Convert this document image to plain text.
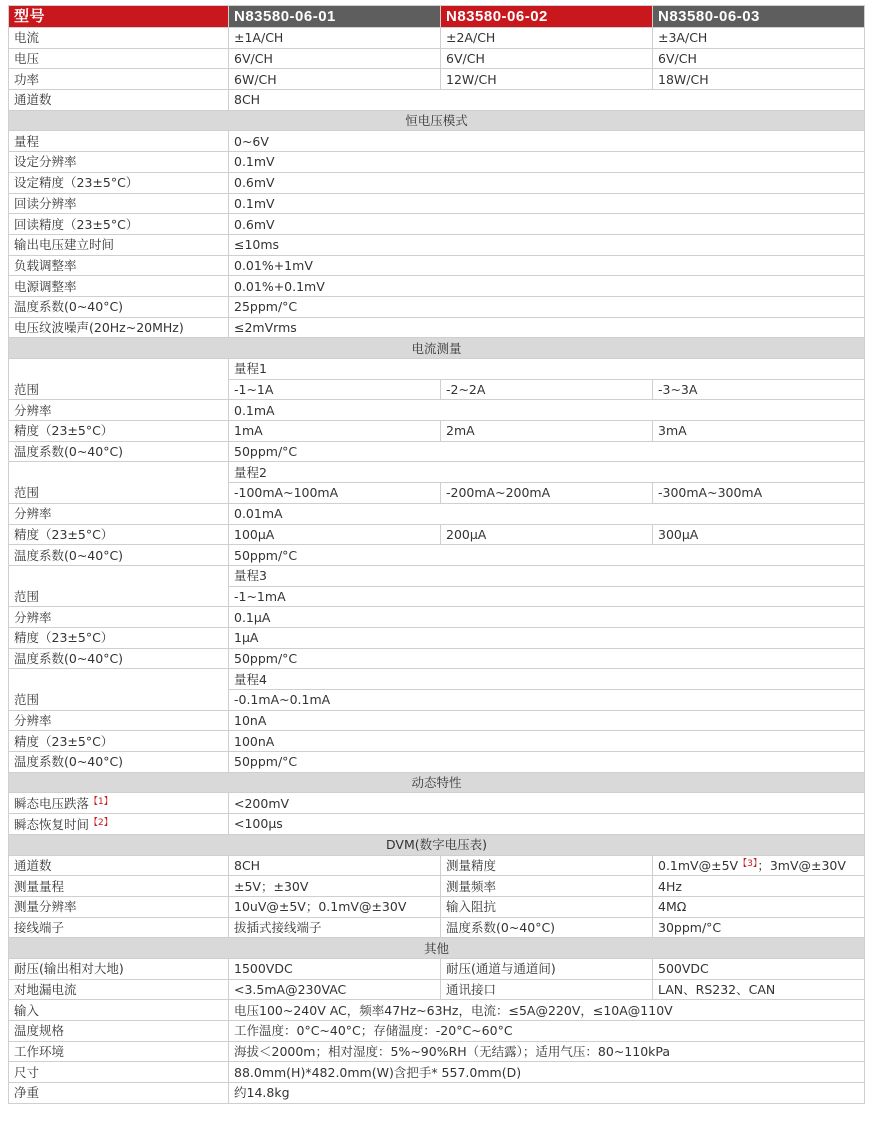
型号	N83580-06-01	N83580-06-02	N83580-06-03
电流	±1A/CH	±2A/CH	±3A/CH
电压	6V/CH	6V/CH	6V/CH
功率	6W/CH	12W/CH	18W/CH
通道数	8CH		
恒电压模式			
量程	0~6V		
设定分辨率	0.1mV		
设定精度（23±5°C）	0.6mV		
回读分辨率	0.1mV		
回读精度（23±5°C）	0.6mV		
输出电压建立时间	≤10ms		
负载调整率	0.01%+1mV		
电源调整率	0.01%+0.1mV		
温度系数(0~40°C)	25ppm/°C		
电压纹波噪声(20Hz~20MHz)	≤2mVrms		
电流测量			
	量程1		
范围	-1~1A	-2~2A	-3~3A
分辨率	0.1mA		
精度（23±5°C）	1mA	2mA	3mA
温度系数(0~40°C)	50ppm/°C		
	量程2		
范围	-100mA~100mA	-200mA~200mA	-300mA~300mA
分辨率	0.01mA		
精度（23±5°C）	100μA	200μA	300μA
温度系数(0~40°C)	50ppm/°C		
	量程3		
范围	-1~1mA		
分辨率	0.1μA		
精度（23±5°C）	1μA		
温度系数(0~40°C)	50ppm/°C		
	量程4		
范围	-0.1mA~0.1mA		
分辨率	10nA		
精度（23±5°C）	100nA		
温度系数(0~40°C)	50ppm/°C		
动态特性			
瞬态电压跌落$^{【1】}$	<200mV		
瞬态恢复时间$^{【2】}$	<100μs		
DVM(数字电压表)			
通道数	8CH	测量精度	0.1mV@±5V$^{【3】}$；3mV@±30V
测量量程	±5V；±30V	测量频率	4Hz
测量分辨率	10uV@±5V；0.1mV@±30V	输入阻抗	4MΩ
接线端子	拔插式接线端子	温度系数(0~40°C)	30ppm/°C
其他			
耐压(输出相对大地)	1500VDC	耐压(通道与通道间)	500VDC
对地漏电流	<3.5mA@230VAC	通讯接口	LAN、RS232、CAN
输入	电压100~240V AC，频率47Hz~63Hz，电流：≤5A@220V，≤10A@110V		
温度规格	工作温度：0°C~40°C；存储温度：-20°C~60°C		
工作环境	海拔＜2000m；相对湿度：5%~90%RH（无结露）；适用气压：80~110kPa		
尺寸	88.0mm(H)*482.0mm(W)含把手* 557.0mm(D)		
净重	约14.8kg		
